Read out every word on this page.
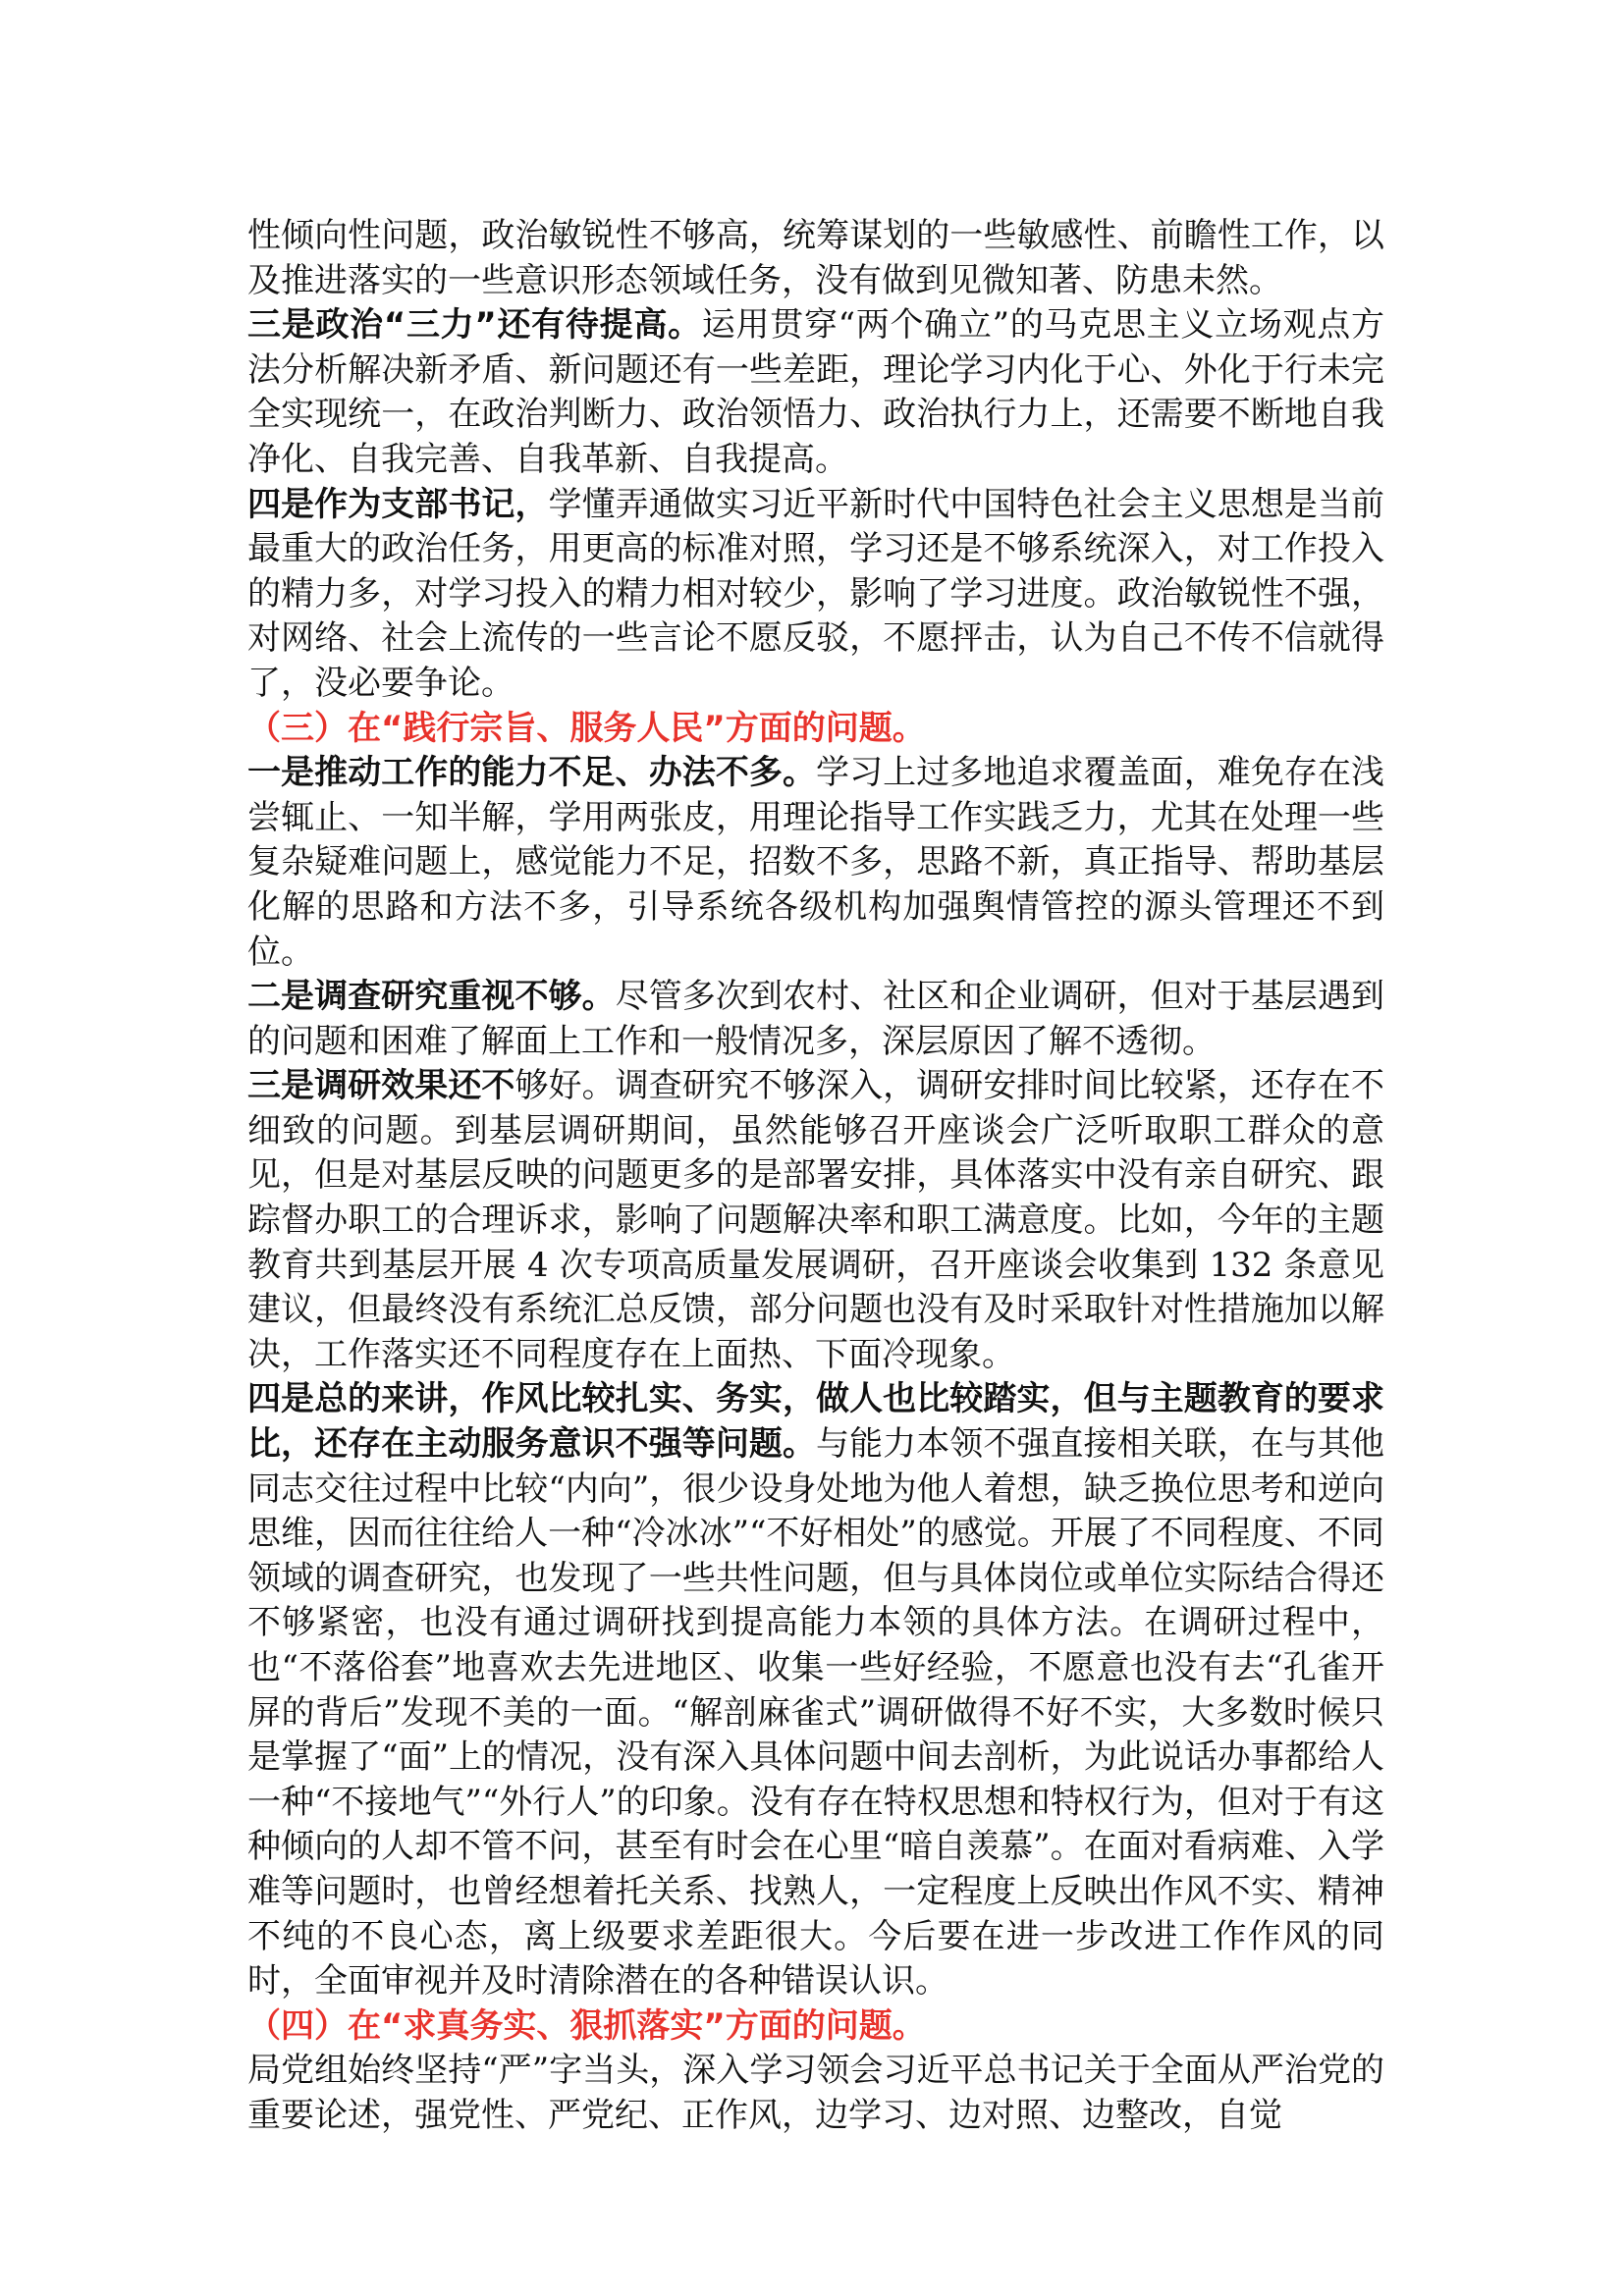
性倾向性问题，政治敏锐性不够高，统筹谋划的一些敏感性、前瞻性工作，以及推进落实的一些意识形态领域任务，没有做到见微知著、防患未然。

三是政治“三力”还有待提高。运用贯穿“两个确立”的马克思主义立场观点方法分析解决新矛盾、新问题还有一些差距，理论学习内化于心、外化于行未完全实现统一，在政治判断力、政治领悟力、政治执行力上，还需要不断地自我净化、自我完善、自我革新、自我提高。

四是作为支部书记，学懂弄通做实习近平新时代中国特色社会主义思想是当前最重大的政治任务，用更高的标准对照，学习还是不够系统深入，对工作投入的精力多，对学习投入的精力相对较少，影响了学习进度。政治敏锐性不强，对网络、社会上流传的一些言论不愿反驳，不愿抨击，认为自己不传不信就得了，没必要争论。

（三）在“践行宗旨、服务人民”方面的问题。

一是推动工作的能力不足、办法不多。学习上过多地追求覆盖面，难免存在浅尝辄止、一知半解，学用两张皮，用理论指导工作实践乏力，尤其在处理一些复杂疑难问题上，感觉能力不足，招数不多，思路不新，真正指导、帮助基层化解的思路和方法不多，引导系统各级机构加强舆情管控的源头管理还不到位。

二是调查研究重视不够。尽管多次到农村、社区和企业调研，但对于基层遇到的问题和困难了解面上工作和一般情况多，深层原因了解不透彻。

三是调研效果还不够好。调查研究不够深入，调研安排时间比较紧，还存在不细致的问题。到基层调研期间，虽然能够召开座谈会广泛听取职工群众的意见，但是对基层反映的问题更多的是部署安排，具体落实中没有亲自研究、跟踪督办职工的合理诉求，影响了问题解决率和职工满意度。比如，今年的主题教育共到基层开展 4 次专项高质量发展调研，召开座谈会收集到 132 条意见建议，但最终没有系统汇总反馈，部分问题也没有及时采取针对性措施加以解决，工作落实还不同程度存在上面热、下面冷现象。

四是总的来讲，作风比较扎实、务实，做人也比较踏实，但与主题教育的要求比，还存在主动服务意识不强等问题。与能力本领不强直接相关联，在与其他同志交往过程中比较“内向”，很少设身处地为他人着想，缺乏换位思考和逆向思维，因而往往给人一种“冷冰冰”“不好相处”的感觉。开展了不同程度、不同领域的调查研究，也发现了一些共性问题，但与具体岗位或单位实际结合得还不够紧密，也没有通过调研找到提高能力本领的具体方法。在调研过程中，也“不落俗套”地喜欢去先进地区、收集一些好经验，不愿意也没有去“孔雀开屏的背后”发现不美的一面。“解剖麻雀式”调研做得不好不实，大多数时候只是掌握了“面”上的情况，没有深入具体问题中间去剖析，为此说话办事都给人一种“不接地气”“外行人”的印象。没有存在特权思想和特权行为，但对于有这种倾向的人却不管不问，甚至有时会在心里“暗自羡慕”。在面对看病难、入学难等问题时，也曾经想着托关系、找熟人，一定程度上反映出作风不实、精神不纯的不良心态，离上级要求差距很大。今后要在进一步改进工作作风的同时，全面审视并及时清除潜在的各种错误认识。

（四）在“求真务实、狠抓落实”方面的问题。

局党组始终坚持“严”字当头，深入学习领会习近平总书记关于全面从严治党的重要论述，强党性、严党纪、正作风，边学习、边对照、边整改，自觉
